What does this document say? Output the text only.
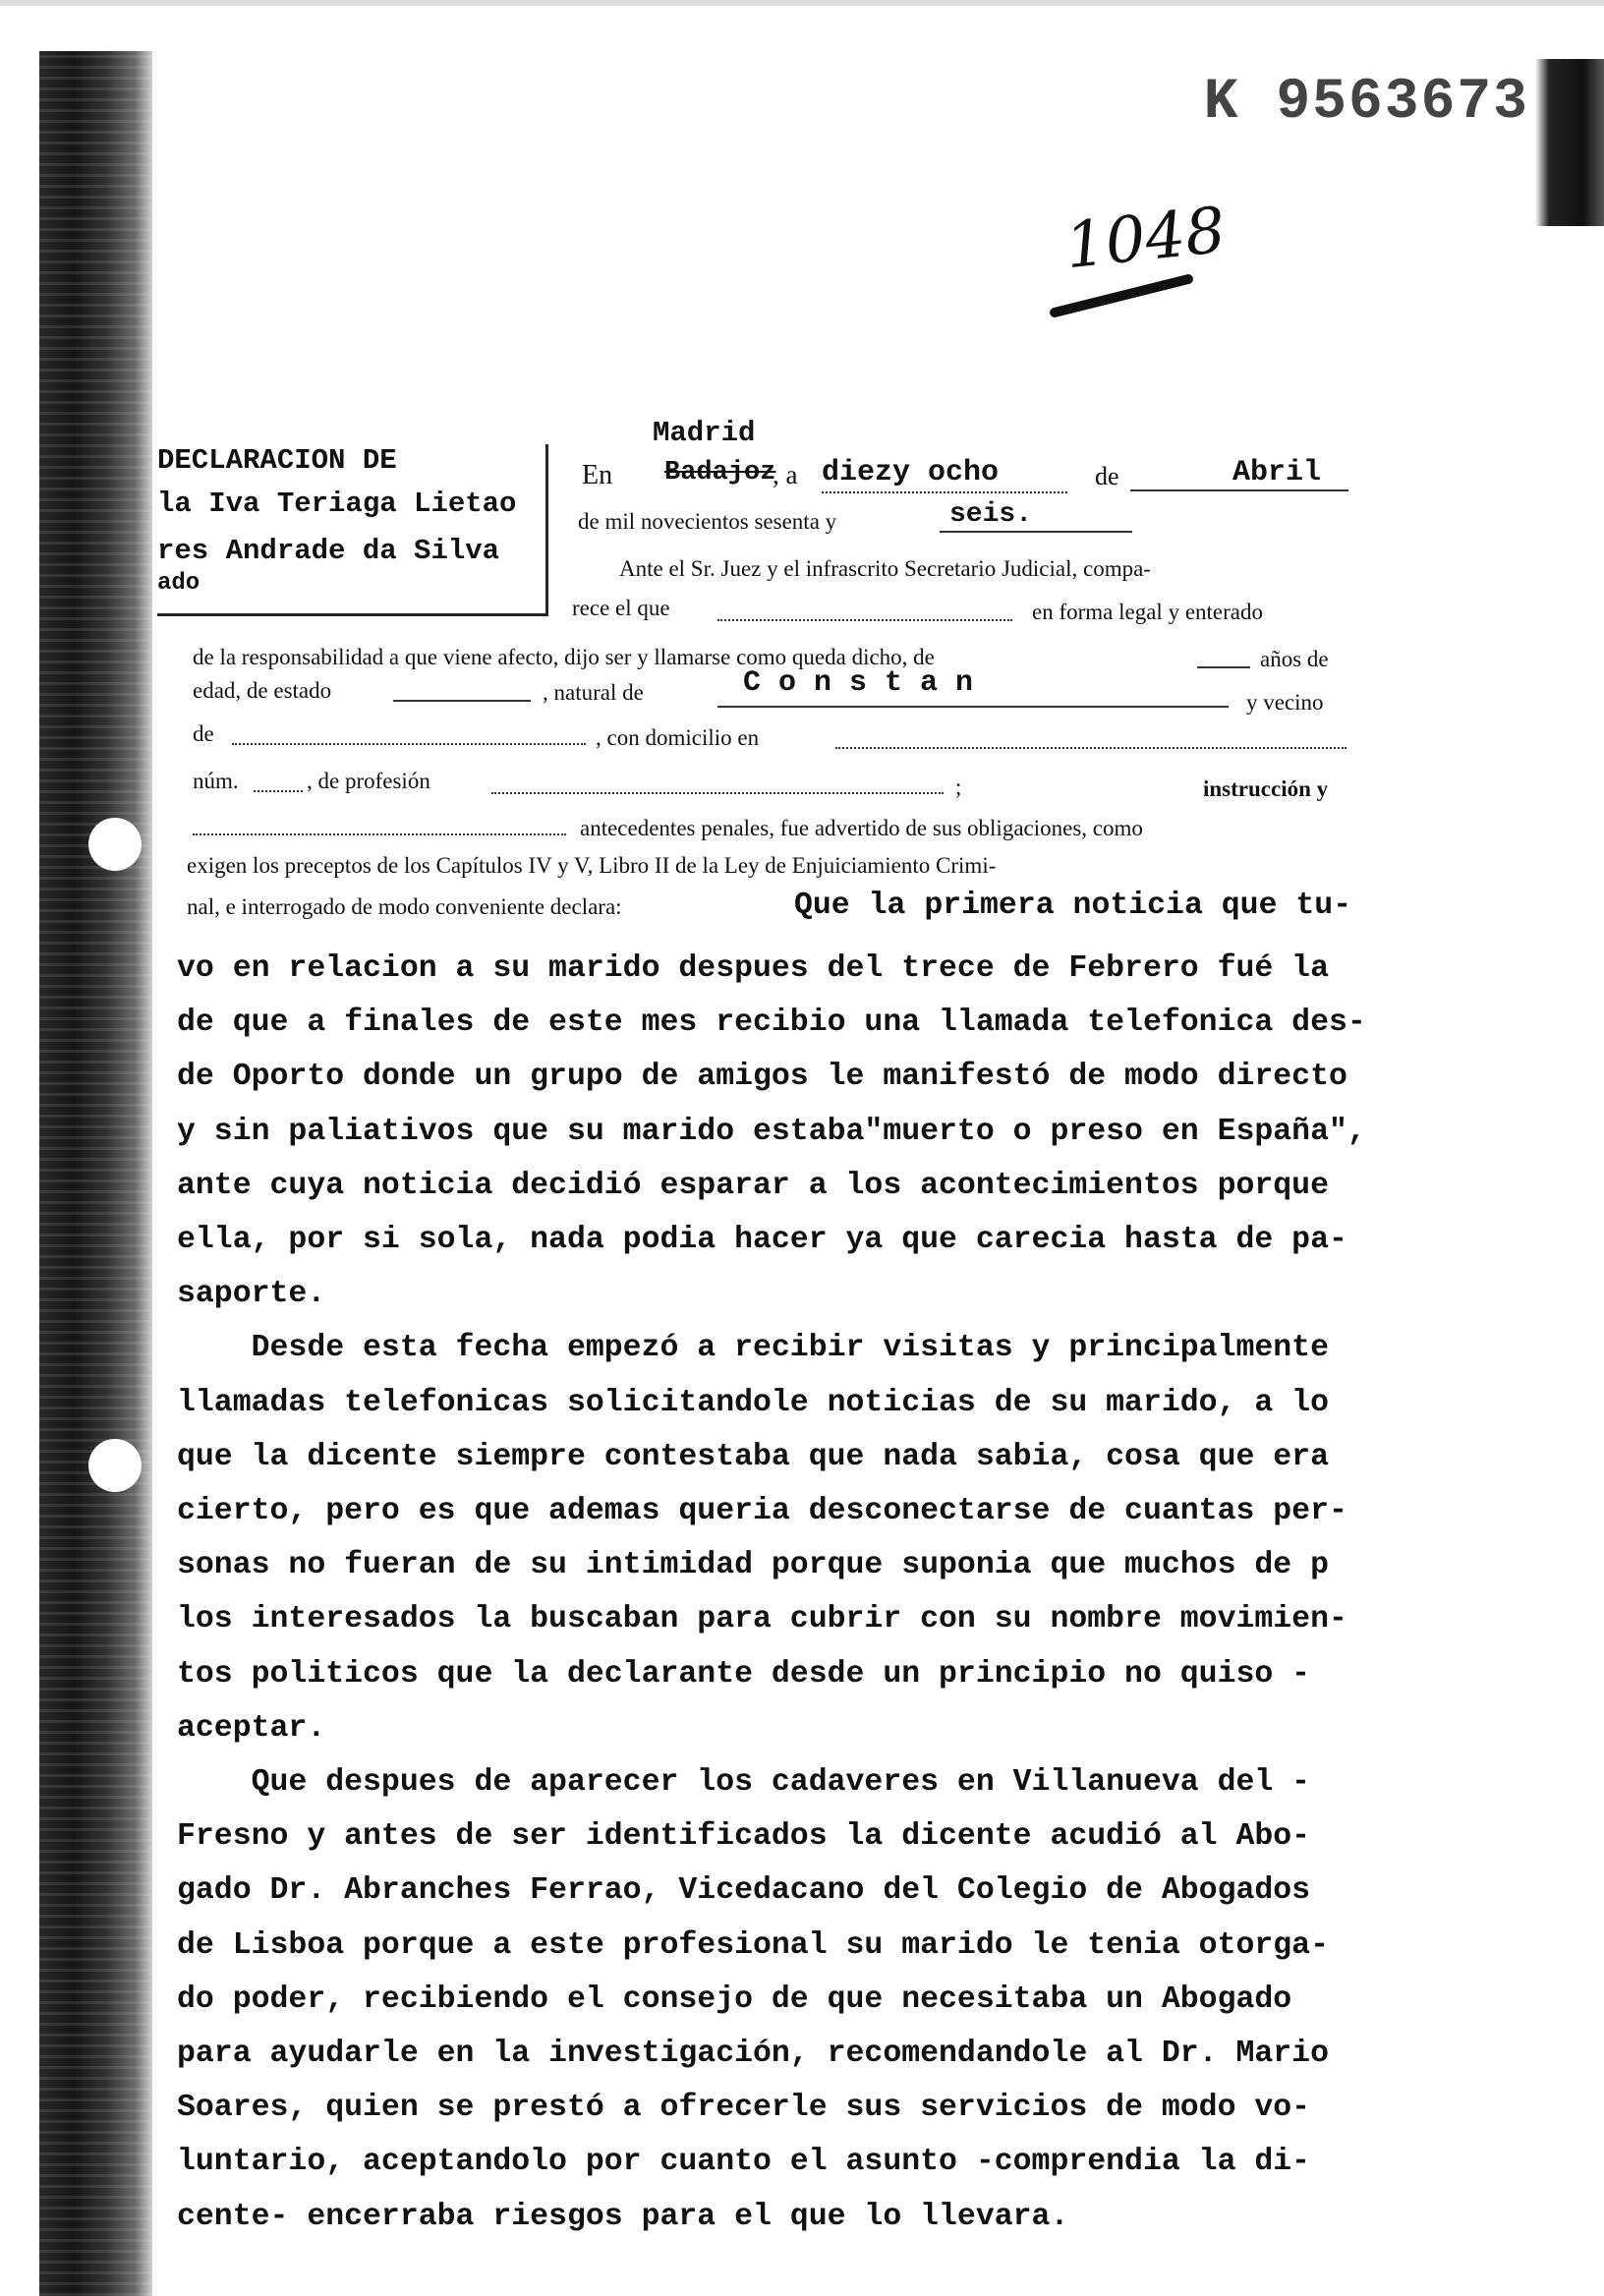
K 9563673
1048
DECLARACION DE
la Iva Teriaga Lietao
res Andrade da Silva
ado
Madrid
En Badajoz
, a diezy ocho	de	Abril
de mil novecientos sesenta y	seis.
Ante el Sr. Juez y el infrascrito Secretario Judicial, compa-
rece el que	en forma legal y enterado
de la responsabilidad a que viene afecto, dijo ser y llamarse como queda dicho, de	años de
edad, de estado	, natural de	C o n s t a n
y vecino
de	, con domicilio en
núm.	, de profesión	;	instrucción y
antecedentes penales, fue advertido de sus obligaciones, como
exigen los preceptos de los Capítulos IV y V, Libro II de la Ley de Enjuiciamiento Crimi-
nal, e interrogado de modo conveniente declara:	Que la primera noticia que tu-
vo en relacion a su marido despues del trece de Febrero fué la
de que a finales de este mes recibio una llamada telefonica des-
de Oporto donde un grupo de amigos le manifestó de modo directo
y sin paliativos que su marido estaba"muerto o preso en España",
ante cuya noticia decidió esparar a los acontecimientos porque
ella, por si sola, nada podia hacer ya que carecia hasta de pa-
saporte.
Desde esta fecha empezó a recibir visitas y principalmente
llamadas telefonicas solicitandole noticias de su marido, a lo
que la dicente siempre contestaba que nada sabia, cosa que era
cierto, pero es que ademas queria desconectarse de cuantas per-
sonas no fueran de su intimidad porque suponia que muchos de p
los interesados la buscaban para cubrir con su nombre movimien-
tos politicos que la declarante desde un principio no quiso -
aceptar.
Que despues de aparecer los cadaveres en Villanueva del -
Fresno y antes de ser identificados la dicente acudió al Abo-
gado Dr. Abranches Ferrao, Vicedacano del Colegio de Abogados
de Lisboa porque a este profesional su marido le tenia otorga-
do poder, recibiendo el consejo de que necesitaba un Abogado
para ayudarle en la investigación, recomendandole al Dr. Mario
Soares, quien se prestó a ofrecerle sus servicios de modo vo-
luntario, aceptandolo por cuanto el asunto -comprendia la di-
cente- encerraba riesgos para el que lo llevara.
